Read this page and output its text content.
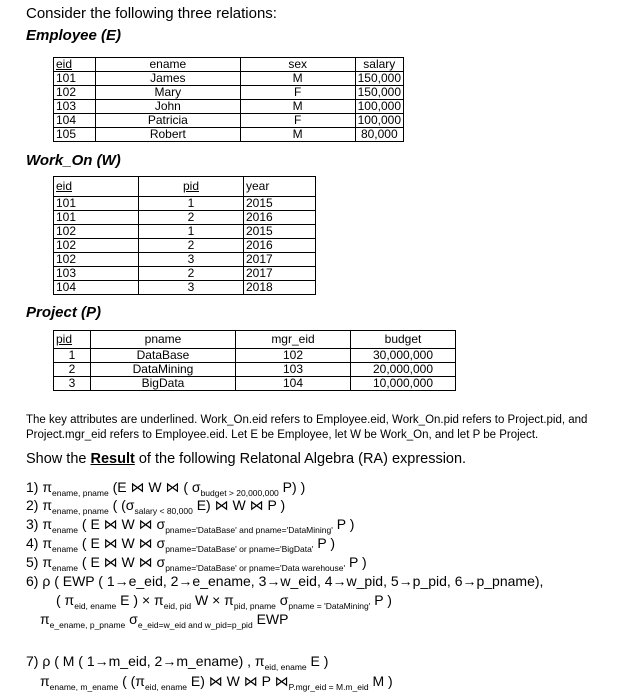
Consider the following three relations:
Employee (E)
eid	ename	sex	salary
101	James	M	150,000
102	Mary	F	150,000
103	John	M	100,000
104	Patricia	F	100,000
105	Robert	M	80,000
Work_On (W)
eid	pid	year
101	1	2015
101	2	2016
102	1	2015
102	2	2016
102	3	2017
103	2	2017
104	3	2018
Project (P)
pid	pname	mgr_eid	budget
1	DataBase	102	30,000,000
2	DataMining	103	20,000,000
3	BigData	104	10,000,000
The key attributes are underlined. Work_On.eid refers to Employee.eid, Work_On.pid refers to Project.pid, and
Project.mgr_eid refers to Employee.eid. Let E be Employee, let W be Work_On, and let P be Project.
Show the Result of the following Relatonal Algebra (RA) expression.
1) $\pi_{ename, pname}$ (E ⋈ W ⋈ ( $\sigma_{budget > 20,000,000}$ P) )
2) $\pi_{ename, pname}$ ( ($\sigma_{salary < 80,000}$ E) ⋈ W ⋈ P )
3) $\pi_{ename}$ ( E ⋈ W ⋈ $\sigma_{pname='DataBase' and pname='DataMining'}$ P )
4) $\pi_{ename}$ ( E ⋈ W ⋈ $\sigma_{pname='DataBase' or pname='BigData'}$ P )
5) $\pi_{ename}$ ( E ⋈ W ⋈ $\sigma_{pname='DataBase' or pname='Data warehouse'}$ P )
6) ρ ( EWP ( 1→e_eid, 2→e_ename, 3→w_eid, 4→w_pid, 5→p_pid, 6→p_pname),
( $\pi_{eid, ename}$ E ) × $\pi_{eid, pid}$ $W \times \pi_{pid, pname}$ $\sigma_{pname = 'DataMining'}$ P )
$\pi_{e\_ename, p\_pname}$ $\sigma_{e\_eid=w\_eid and w\_pid=p\_pid}$ EWP
7) ρ ( M ( 1→m_eid, 2→m_ename) , $\pi_{eid, ename}$ E )
$\pi_{ename, m\_ename}$ ( ($\pi_{eid, ename}$ E) ⋈ W ⋈ P $⋈_{P.mgr\_eid = M.m\_eid}$ M )
